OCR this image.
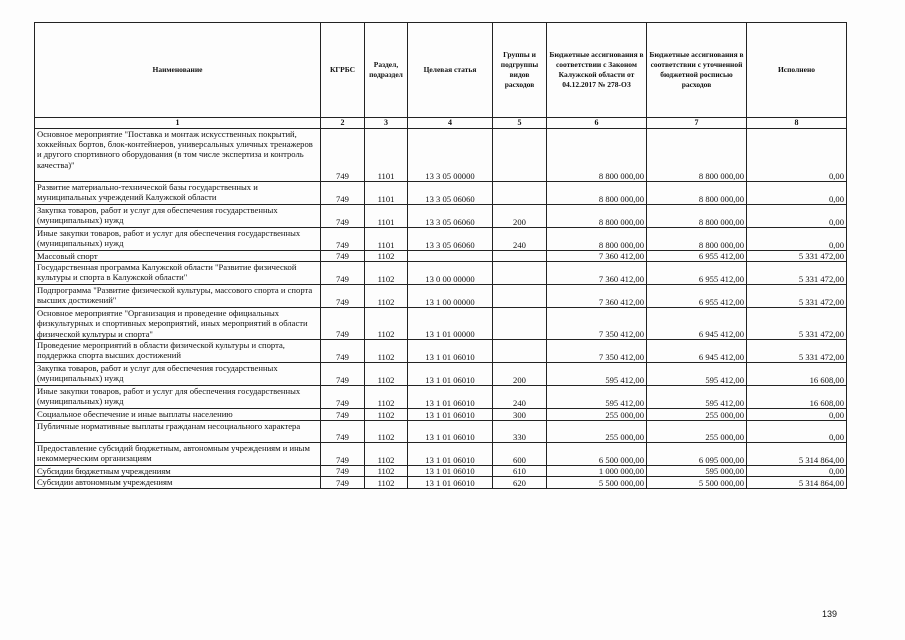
Наименование	КГРБС	Раздел, подраздел	Целевая статья	Группы и подгруппы видов расходов	Бюджетные ассигнования в соответствии с Законом Калужской области от 04.12.2017 № 278-ОЗ	Бюджетные ассигнования в соответствии с уточненной бюджетной росписью расходов	Исполнено
1	2	3	4	5	6	7	8
Основное мероприятие "Поставка и монтаж искусственных покрытий, хоккейных бортов, блок-контейнеров, универсальных уличных тренажеров и другого спортивного оборудования (в том числе экспертиза и контроль качества)"	749	1101	13 3 05 00000		8 800 000,00	8 800 000,00	0,00
Развитие материально-технической базы государственных и муниципальных учреждений Калужской области	749	1101	13 3 05 06060		8 800 000,00	8 800 000,00	0,00
Закупка товаров, работ и услуг для обеспечения государственных (муниципальных) нужд	749	1101	13 3 05 06060	200	8 800 000,00	8 800 000,00	0,00
Иные закупки товаров, работ и услуг для обеспечения государственных (муниципальных) нужд	749	1101	13 3 05 06060	240	8 800 000,00	8 800 000,00	0,00
Массовый спорт	749	1102			7 360 412,00	6 955 412,00	5 331 472,00
Государственная программа Калужской области "Развитие физической культуры и спорта в Калужской области"	749	1102	13 0 00 00000		7 360 412,00	6 955 412,00	5 331 472,00
Подпрограмма "Развитие физической культуры, массового спорта и спорта высших достижений"	749	1102	13 1 00 00000		7 360 412,00	6 955 412,00	5 331 472,00
Основное мероприятие "Организация и проведение официальных физкультурных и спортивных мероприятий, иных мероприятий в области физической культуры и спорта"	749	1102	13 1 01 00000		7 350 412,00	6 945 412,00	5 331 472,00
Проведение мероприятий в области физической культуры и спорта, поддержка спорта высших достижений	749	1102	13 1 01 06010		7 350 412,00	6 945 412,00	5 331 472,00
Закупка товаров, работ и услуг для обеспечения государственных (муниципальных) нужд	749	1102	13 1 01 06010	200	595 412,00	595 412,00	16 608,00
Иные закупки товаров, работ и услуг для обеспечения государственных (муниципальных) нужд	749	1102	13 1 01 06010	240	595 412,00	595 412,00	16 608,00
Социальное обеспечение и иные выплаты населению	749	1102	13 1 01 06010	300	255 000,00	255 000,00	0,00
Публичные нормативные выплаты гражданам несоциального характера	749	1102	13 1 01 06010	330	255 000,00	255 000,00	0,00
Предоставление субсидий бюджетным, автономным учреждениям и иным некоммерческим организациям	749	1102	13 1 01 06010	600	6 500 000,00	6 095 000,00	5 314 864,00
Субсидии бюджетным учреждениям	749	1102	13 1 01 06010	610	1 000 000,00	595 000,00	0,00
Субсидии автономным учреждениям	749	1102	13 1 01 06010	620	5 500 000,00	5 500 000,00	5 314 864,00
139
